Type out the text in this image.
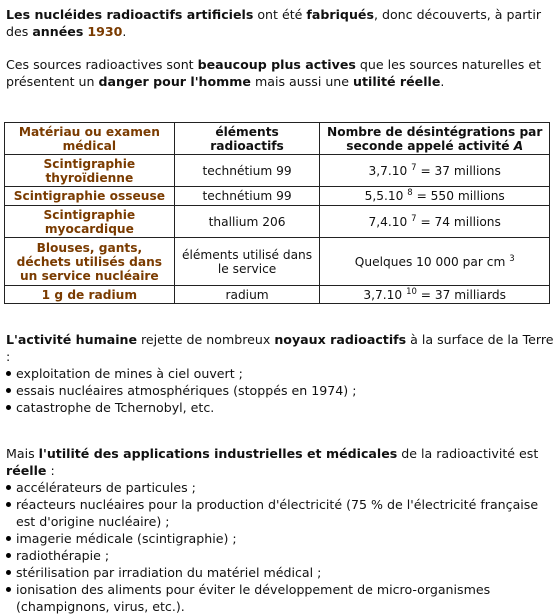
Les nucléides radioactifs artificiels ont été fabriqués, donc découverts, à partir des années 1930.

Ces sources radioactives sont beaucoup plus actives que les sources naturelles et présentent un danger pour l'homme mais aussi une utilité réelle.

Matériau ou examen médical	éléments radioactifs	Nombre de désintégrations par seconde appelé activité A
Scintigraphie thyroïdienne	technétium 99	3,7.10 $^7$ = 37 millions
Scintigraphie osseuse	technétium 99	5,5.10 $^8$ = 550 millions
Scintigraphie myocardique	thallium 206	7,4.10 $^7$ = 74 millions
Blouses, gants, déchets utilisés dans un service nucléaire	éléments utilisé dans le service	Quelques 10 000 par cm $^3$
1 g de radium	radium	3,7.10 $^{10}$ = 37 milliards

L'activité humaine rejette de nombreux noyaux radioactifs à la surface de la Terre :

exploitation de mines à ciel ouvert ;
essais nucléaires atmosphériques (stoppés en 1974) ;
catastrophe de Tchernobyl, etc.

Mais l'utilité des applications industrielles et médicales de la radioactivité est réelle :

accélérateurs de particules ;
réacteurs nucléaires pour la production d'électricité (75 % de l'électricité française est d'origine nucléaire) ;
imagerie médicale (scintigraphie) ;
radiothérapie ;
stérilisation par irradiation du matériel médical ;
ionisation des aliments pour éviter le développement de micro-organismes (champignons, virus, etc.).
